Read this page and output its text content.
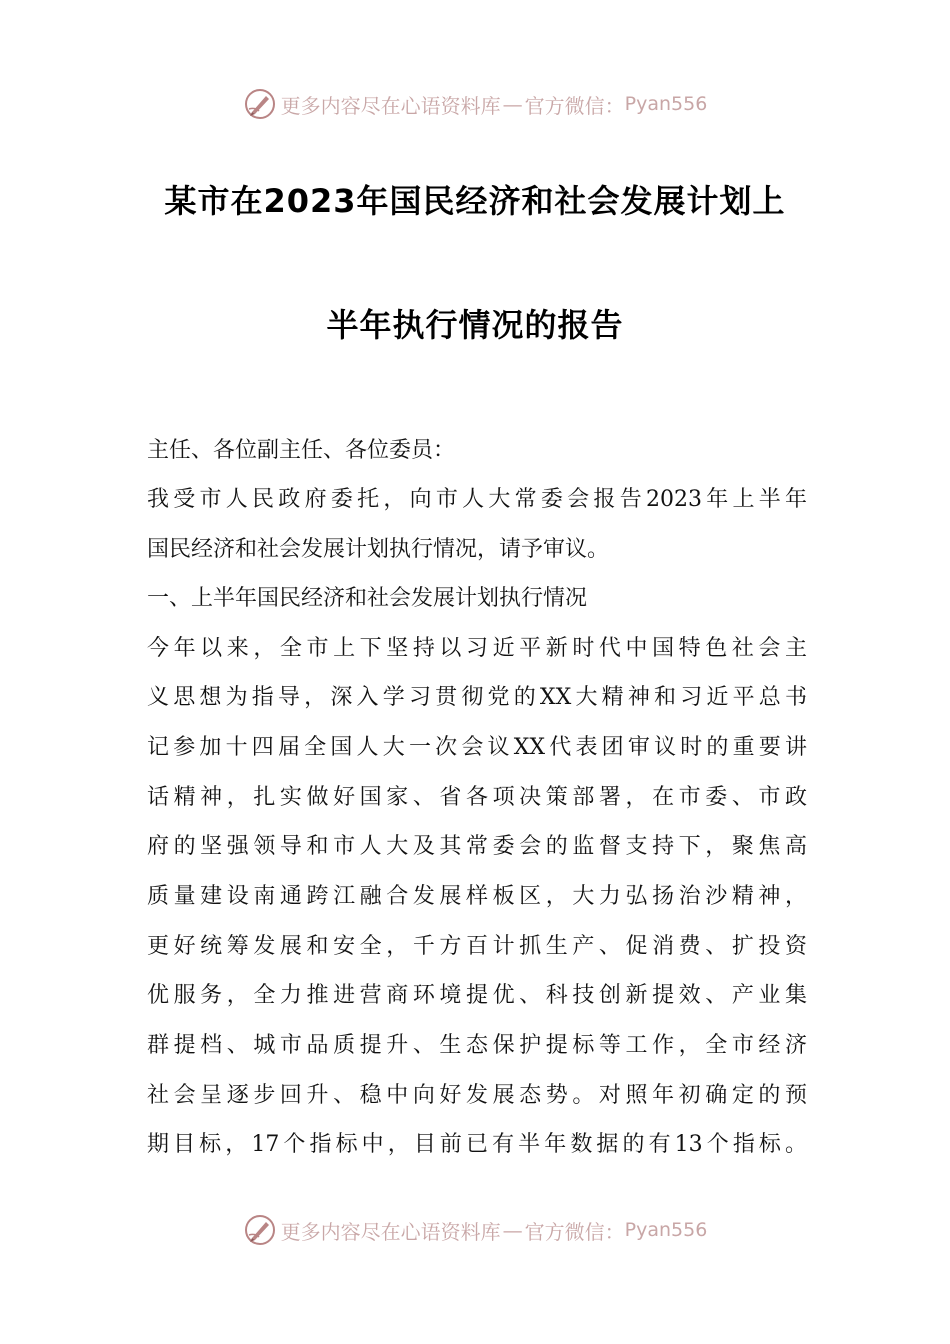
更多内容尽在心语资料库 — 官方微信： Pyan556
某市在2023年国民经济和社会发展计划上
半年执行情况的报告
主任、各位副主任、各位委员：
我受市人民政府委托，向市人大常委会报告2023年上半年
国民经济和社会发展计划执行情况，请予审议。
一、上半年国民经济和社会发展计划执行情况
今年以来，全市上下坚持以习近平新时代中国特色社会主
义思想为指导，深入学习贯彻党的XX大精神和习近平总书
记参加十四届全国人大一次会议XX代表团审议时的重要讲
话精神，扎实做好国家、省各项决策部署，在市委、市政
府的坚强领导和市人大及其常委会的监督支持下，聚焦高
质量建设南通跨江融合发展样板区，大力弘扬治沙精神，
更好统筹发展和安全，千方百计抓生产、促消费、扩投资
优服务，全力推进营商环境提优、科技创新提效、产业集
群提档、城市品质提升、生态保护提标等工作，全市经济
社会呈逐步回升、稳中向好发展态势。对照年初确定的预
期目标，17个指标中，目前已有半年数据的有13个指标。
更多内容尽在心语资料库 — 官方微信： Pyan556
